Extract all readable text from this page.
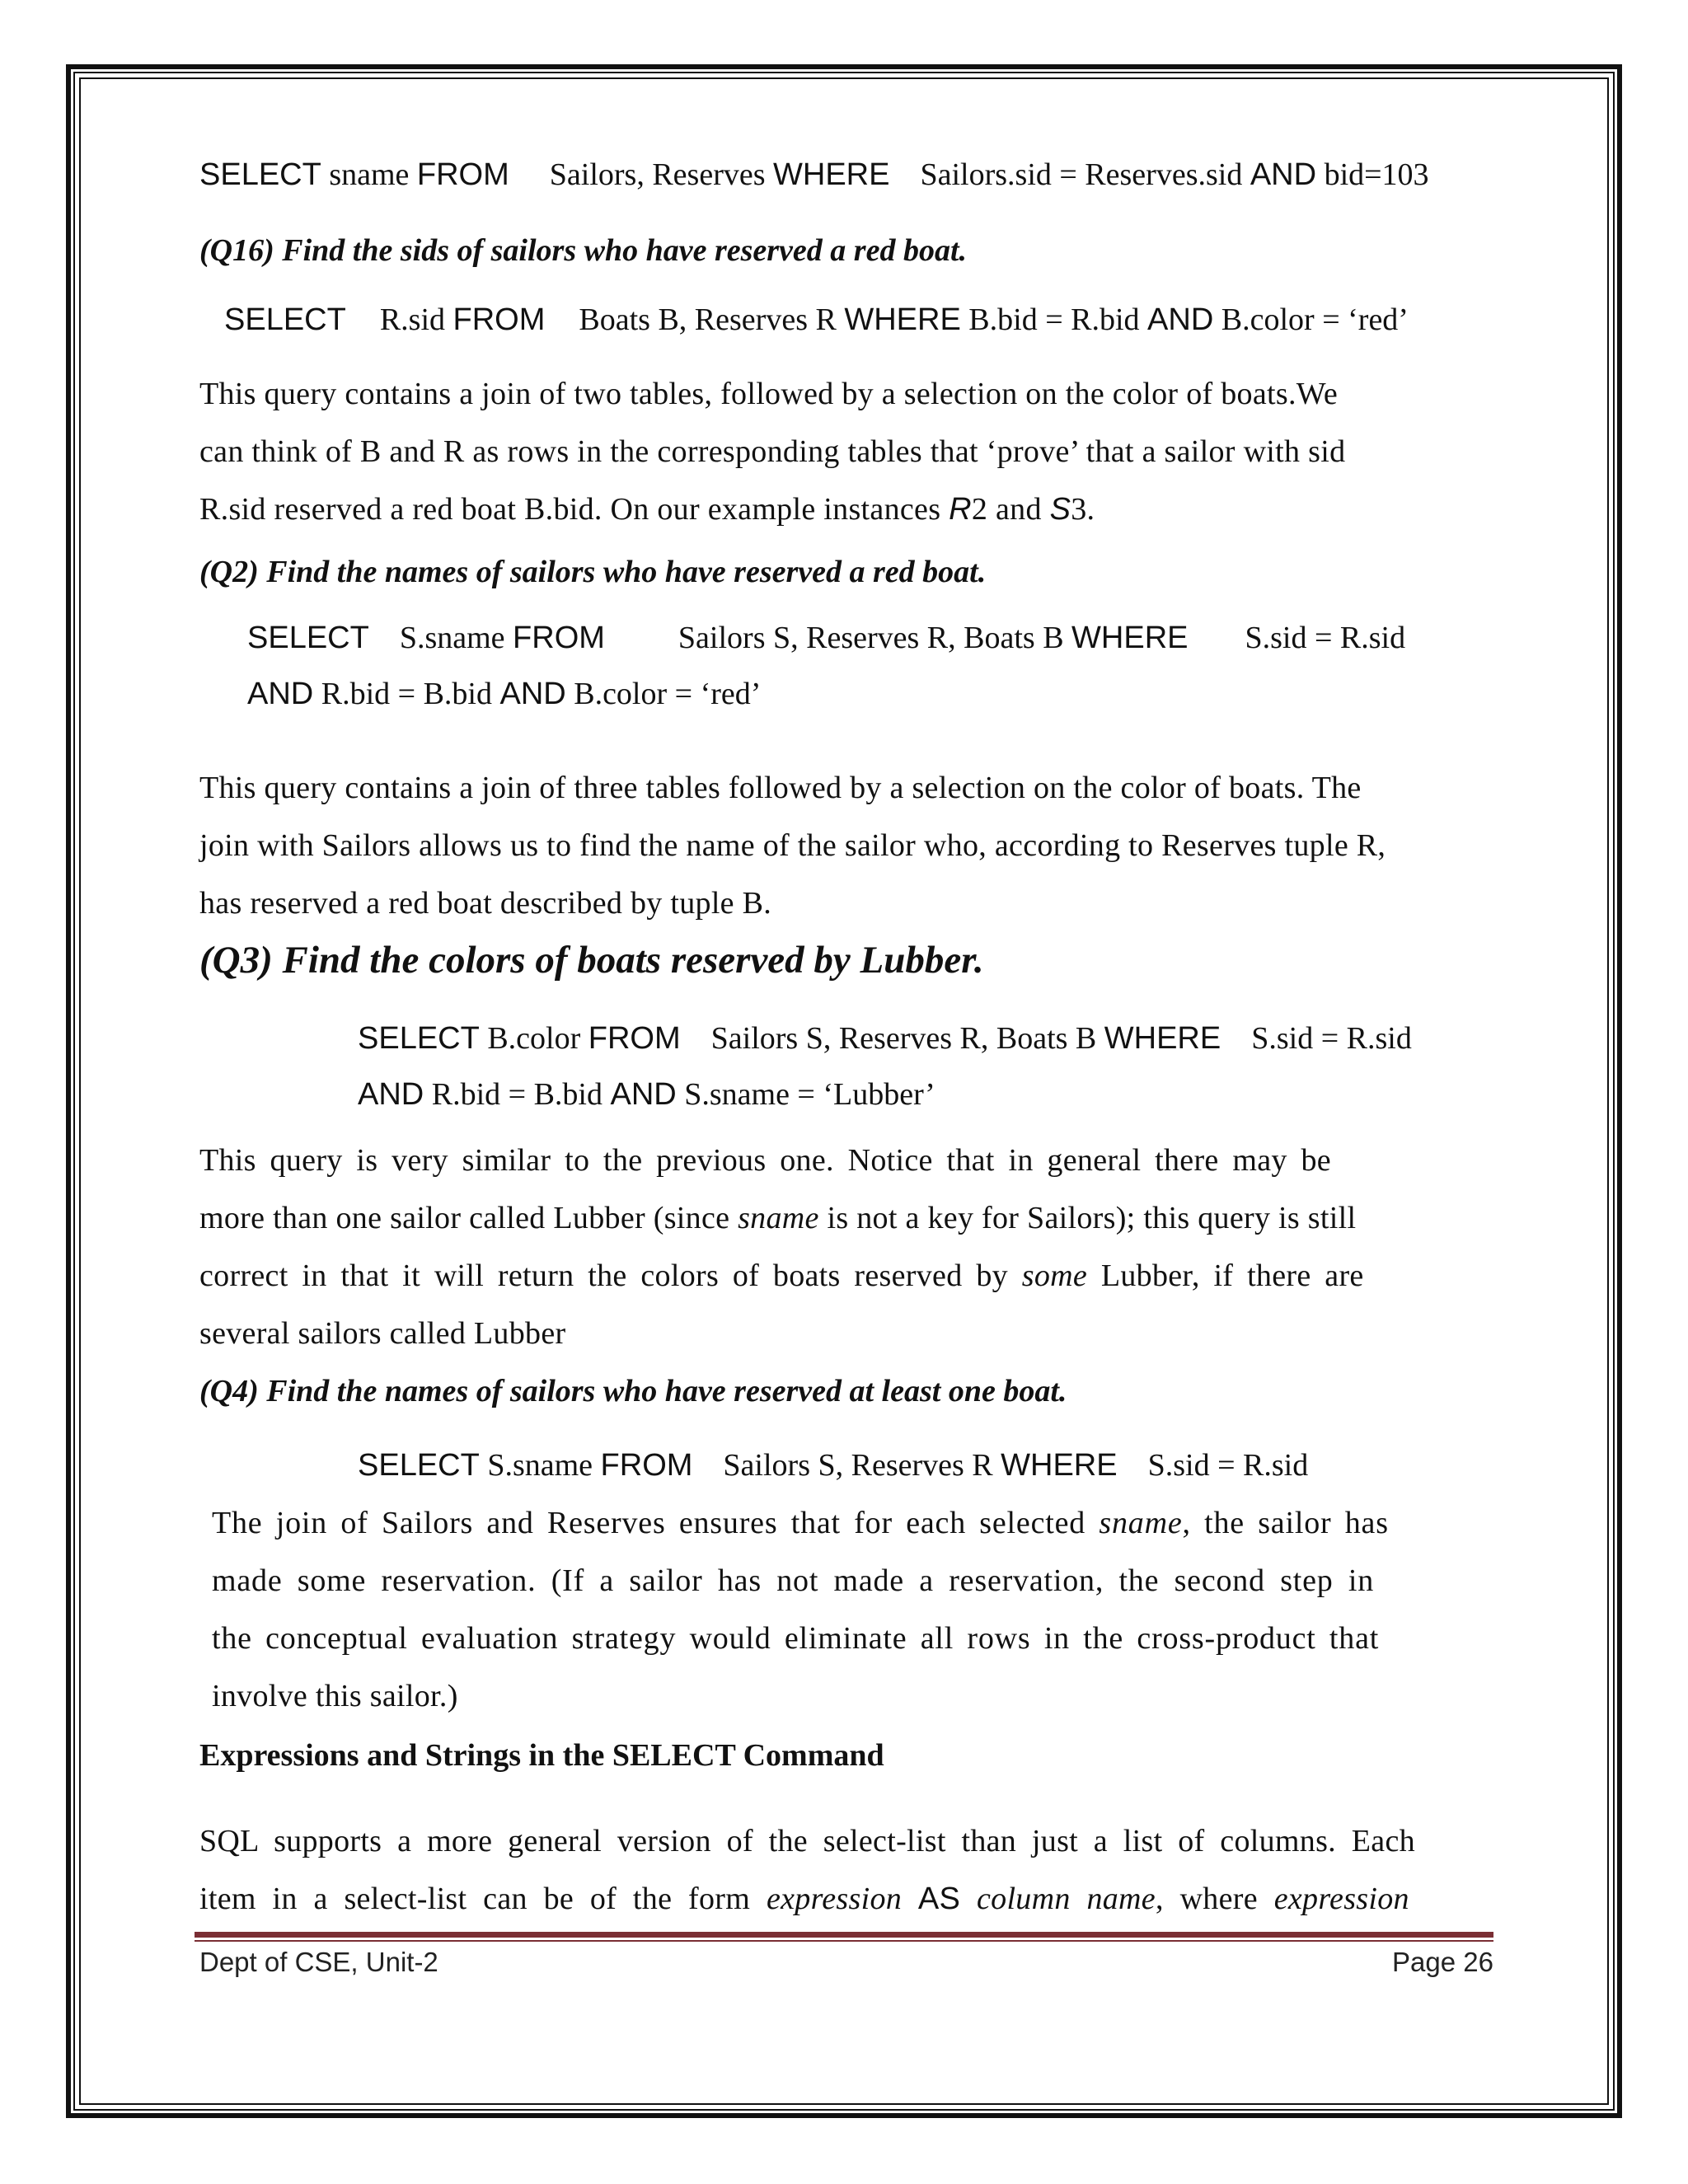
SELECT sname FROM Sailors, Reserves WHERE Sailors.sid = Reserves.sid AND bid=103
(Q16) Find the sids of sailors who have reserved a red boat.
SELECT R.sid FROM Boats B, Reserves R WHERE B.bid = R.bid AND B.color = ‘red’
This query contains a join of two tables, followed by a selection on the color of boats.We
can think of B and R as rows in the corresponding tables that ‘prove’ that a sailor with sid
R.sid reserved a red boat B.bid. On our example instances R2 and S3.
(Q2) Find the names of sailors who have reserved a red boat.
SELECT S.sname FROM Sailors S, Reserves R, Boats B WHERE S.sid = R.sid
AND R.bid = B.bid AND B.color = ‘red’
This query contains a join of three tables followed by a selection on the color of boats. The
join with Sailors allows us to find the name of the sailor who, according to Reserves tuple R,
has reserved a red boat described by tuple B.
(Q3) Find the colors of boats reserved by Lubber.
SELECT B.color FROM Sailors S, Reserves R, Boats B WHERE S.sid = R.sid
AND R.bid = B.bid AND S.sname = ‘Lubber’
This query is very similar to the previous one. Notice that in general there may be
more than one sailor called Lubber (since sname is not a key for Sailors); this query is still
correct in that it will return the colors of boats reserved by some Lubber, if there are
several sailors called Lubber
(Q4) Find the names of sailors who have reserved at least one boat.
SELECT S.sname FROM Sailors S, Reserves R WHERE S.sid = R.sid
The join of Sailors and Reserves ensures that for each selected sname, the sailor has
made some reservation. (If a sailor has not made a reservation, the second step in
the conceptual evaluation strategy would eliminate all rows in the cross-product that
involve this sailor.)
Expressions and Strings in the SELECT Command
SQL supports a more general version of the select-list than just a list of columns. Each
item in a select-list can be of the form expression AS column name, where expression
Dept of CSE, Unit-2	Page 26
